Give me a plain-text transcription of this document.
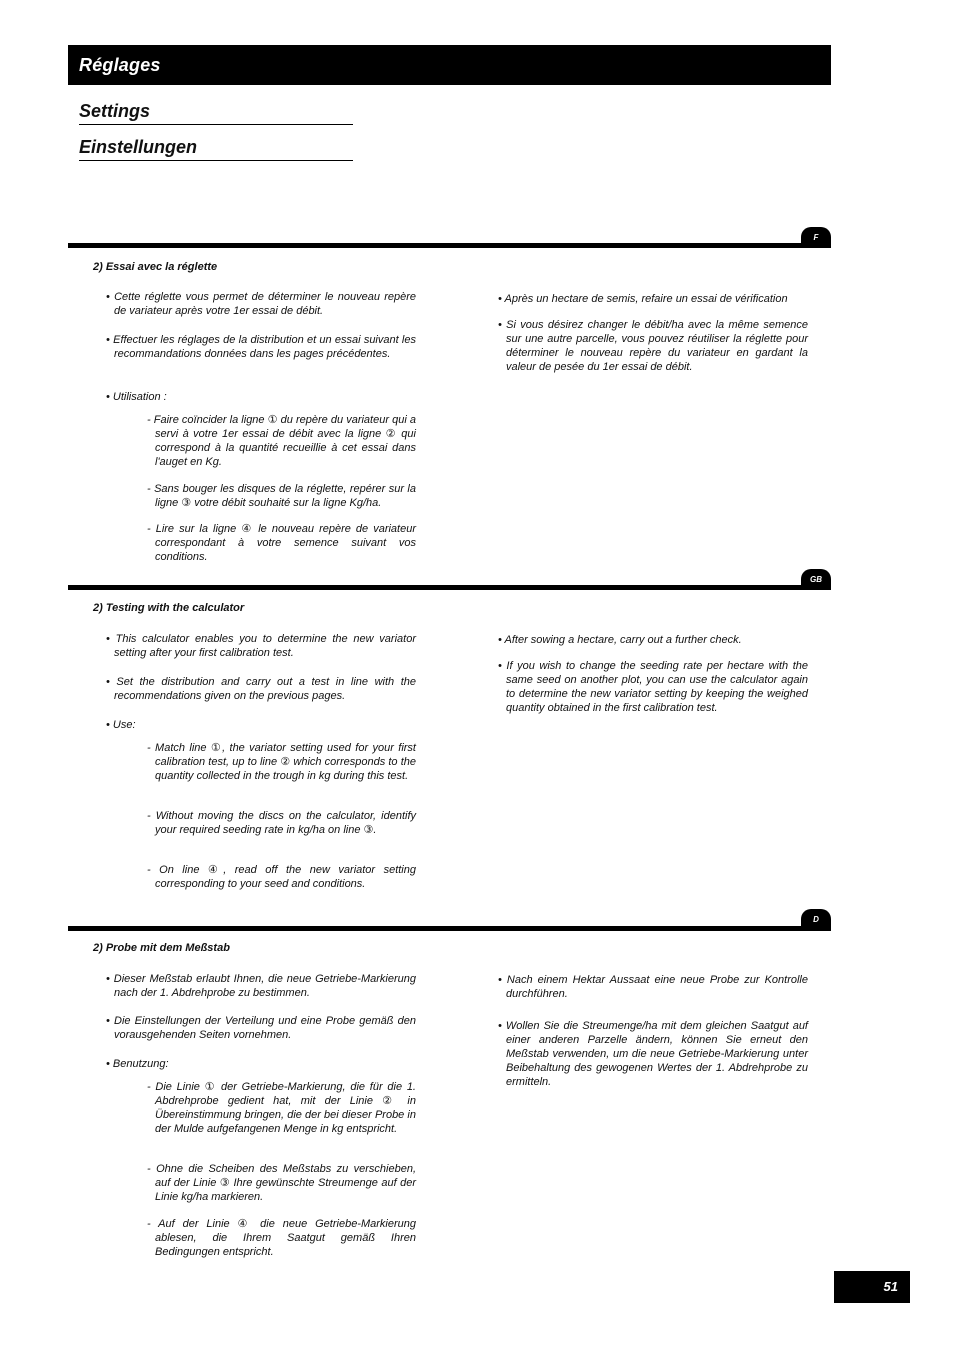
Réglages
Settings
Einstellungen
F
2) Essai avec la réglette

• Cette réglette vous permet de déterminer le nouveau repère de variateur après votre 1er essai de débit.

• Effectuer les réglages de la distribution et un essai suivant les recommandations données dans les pages précédentes.

• Utilisation :

- Faire coïncider la ligne ① du repère du variateur qui a servi à votre 1er essai de débit avec la ligne ② qui correspond à la quantité recueillie à cet essai dans l'auget en Kg.

- Sans bouger les disques de la réglette, repérer sur la ligne ③ votre débit souhaité sur la ligne Kg/ha.

- Lire sur la ligne ④ le nouveau repère de variateur correspondant à votre semence suivant vos conditions.

• Après un hectare de semis, refaire un essai de vérification

• Si vous désirez changer le débit/ha avec la même semence sur une autre parcelle, vous pouvez réutiliser la réglette pour déterminer le nouveau repère du variateur en gardant la valeur de pesée du 1er essai de débit.

GB
2) Testing with the calculator

• This calculator enables you to determine the new variator setting after your first calibration test.

• Set the distribution and carry out a test in line with the recommendations given on the previous pages.

• Use:

- Match line ①, the variator setting used for your first calibration test, up to line ② which corresponds to the quantity collected in the trough in kg during this test.

- Without moving the discs on the calculator, identify your required seeding rate in kg/ha on line ③.

- On line ④, read off the new variator setting corresponding to your seed and conditions.

• After sowing a hectare, carry out a further check.

• If you wish to change the seeding rate per hectare with the same seed on another plot, you can use the calculator again to determine the new variator setting by keeping the weighed quantity obtained in the first calibration test.

D
2) Probe mit dem Meßstab

• Dieser Meßstab erlaubt Ihnen, die neue Getriebe-Markierung nach der 1. Abdrehprobe zu bestimmen.

• Die Einstellungen der Verteilung und eine Probe gemäß den vorausgehenden Seiten vornehmen.

• Benutzung:

- Die Linie ① der Getriebe-Markierung, die für die 1. Abdrehprobe gedient hat, mit der Linie ② in Übereinstimmung bringen, die der bei dieser Probe in der Mulde aufgefangenen Menge in kg entspricht.

- Ohne die Scheiben des Meßstabs zu verschieben, auf der Linie ③ Ihre gewünschte Streumenge auf der Linie kg/ha markieren.

- Auf der Linie ④ die neue Getriebe-Markierung ablesen, die Ihrem Saatgut gemäß Ihren Bedingungen entspricht.

• Nach einem Hektar Aussaat eine neue Probe zur Kontrolle durchführen.

• Wollen Sie die Streumenge/ha mit dem gleichen Saatgut auf einer anderen Parzelle ändern, können Sie erneut den Meßstab verwenden, um die neue Getriebe-Markierung unter Beibehaltung des gewogenen Wertes der 1. Abdrehprobe zu ermitteln.

51
